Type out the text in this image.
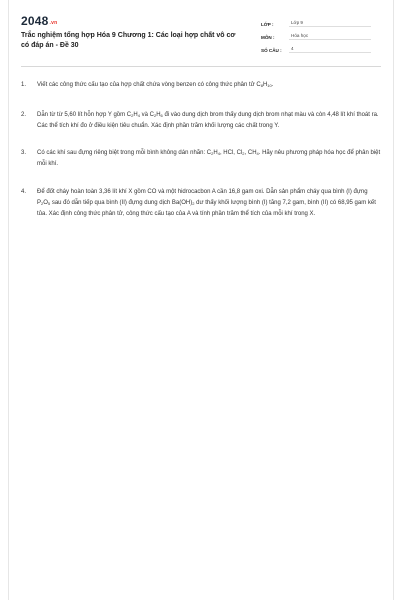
2048.vn
Trắc nghiệm tổng hợp Hóa 9 Chương 1: Các loại hợp chất vô cơ có đáp án - Đề 30
LỚP :	Lớp 9
MÔN :	Hóa học
SỐ CÂU :	4
1.	Viết các công thức cấu tạo của hợp chất chứa vòng benzen có công thức phân tử $C_8H_{10}$.
2.	Dẫn từ từ 5,60 lít hỗn hợp Y gồm $C_2H_4$ và $C_2H_6$ đi vào dung dịch brom thấy dung dịch brom nhạt màu và còn 4,48 lít khí thoát ra. Các thể tích khí đo ở điều kiện tiêu chuẩn. Xác định phần trăm khối lượng các chất trong Y.
3.	Có các khí sau đựng riêng biệt trong mỗi bình không dán nhãn: $C_2H_4$, HCl, $Cl_2$, $CH_4$. Hãy nêu phương pháp hóa học để phân biệt mỗi khí.
4.	Để đốt cháy hoàn toàn 3,36 lít khí X gồm CO và một hidrocacbon A cần 16,8 gam oxi. Dẫn sản phẩm cháy qua bình (I) đựng $P_2O_5$ sau đó dẫn tiếp qua bình (II) đựng dung dịch $Ba(OH)_2$ dư thấy khối lượng bình (I) tăng 7,2 gam, bình (II) có 68,95 gam kết tủa. Xác định công thức phân tử, công thức cấu tạo của A và tính phần trăm thể tích của mỗi khí trong X.
